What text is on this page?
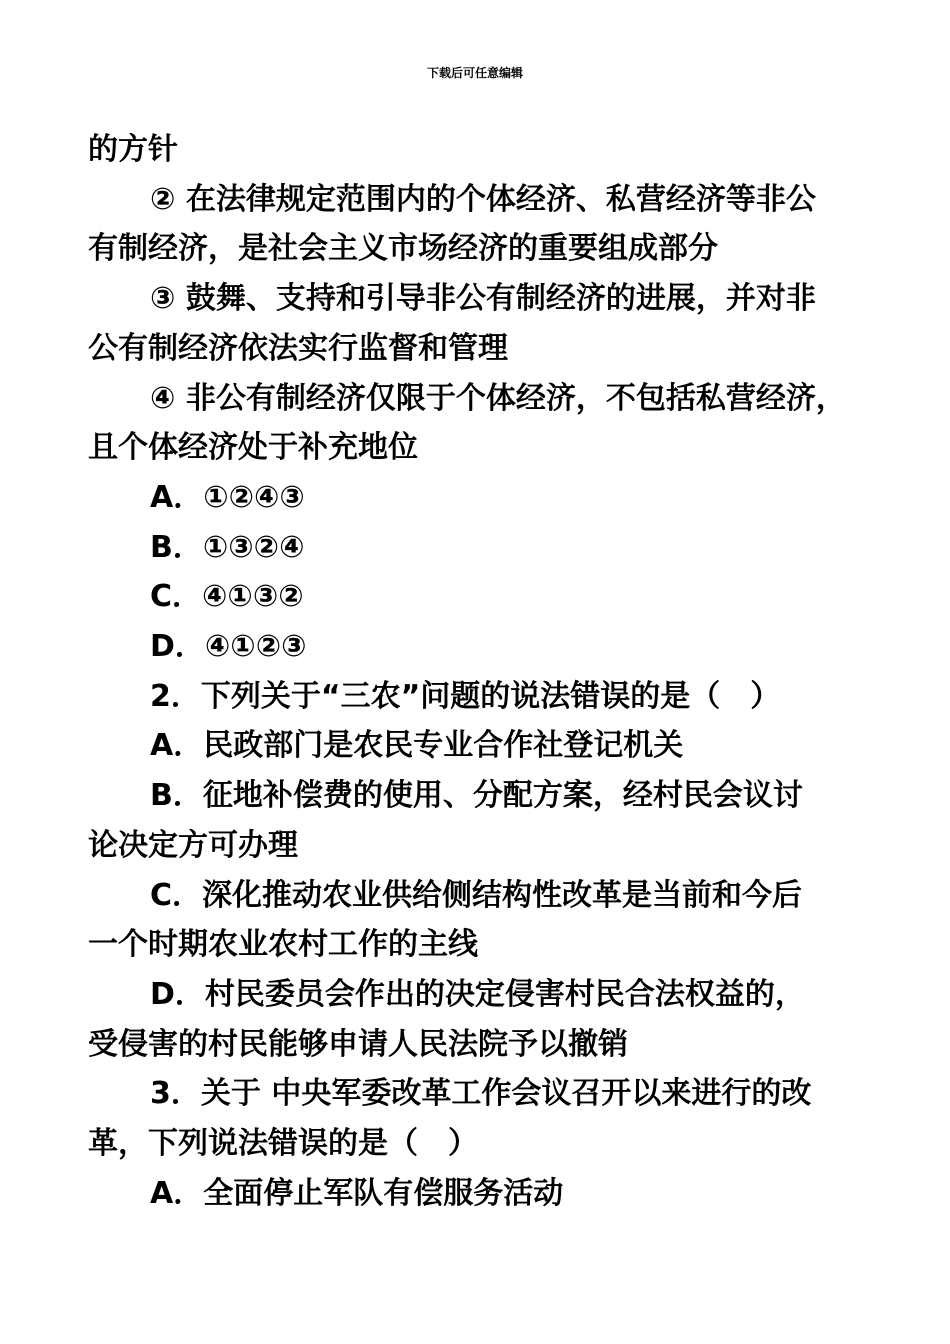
下载后可任意编辑

的方针

② 在法律规定范围内的个体经济、私营经济等非公

有制经济，是社会主义市场经济的重要组成部分

③ 鼓舞、支持和引导非公有制经济的进展，并对非

公有制经济依法实行监督和管理

④ 非公有制经济仅限于个体经济，不包括私营经济，

且个体经济处于补充地位

A．①②④③

B．①③②④

C．④①③②

D．④①②③

2．下列关于“三农”问题的说法错误的是（　）

A．民政部门是农民专业合作社登记机关

B．征地补偿费的使用、分配方案，经村民会议讨

论决定方可办理

C．深化推动农业供给侧结构性改革是当前和今后

一个时期农业农村工作的主线

D．村民委员会作出的决定侵害村民合法权益的，

受侵害的村民能够申请人民法院予以撤销

3．关于 中央军委改革工作会议召开以来进行的改

革，下列说法错误的是（　）

A．全面停止军队有偿服务活动
